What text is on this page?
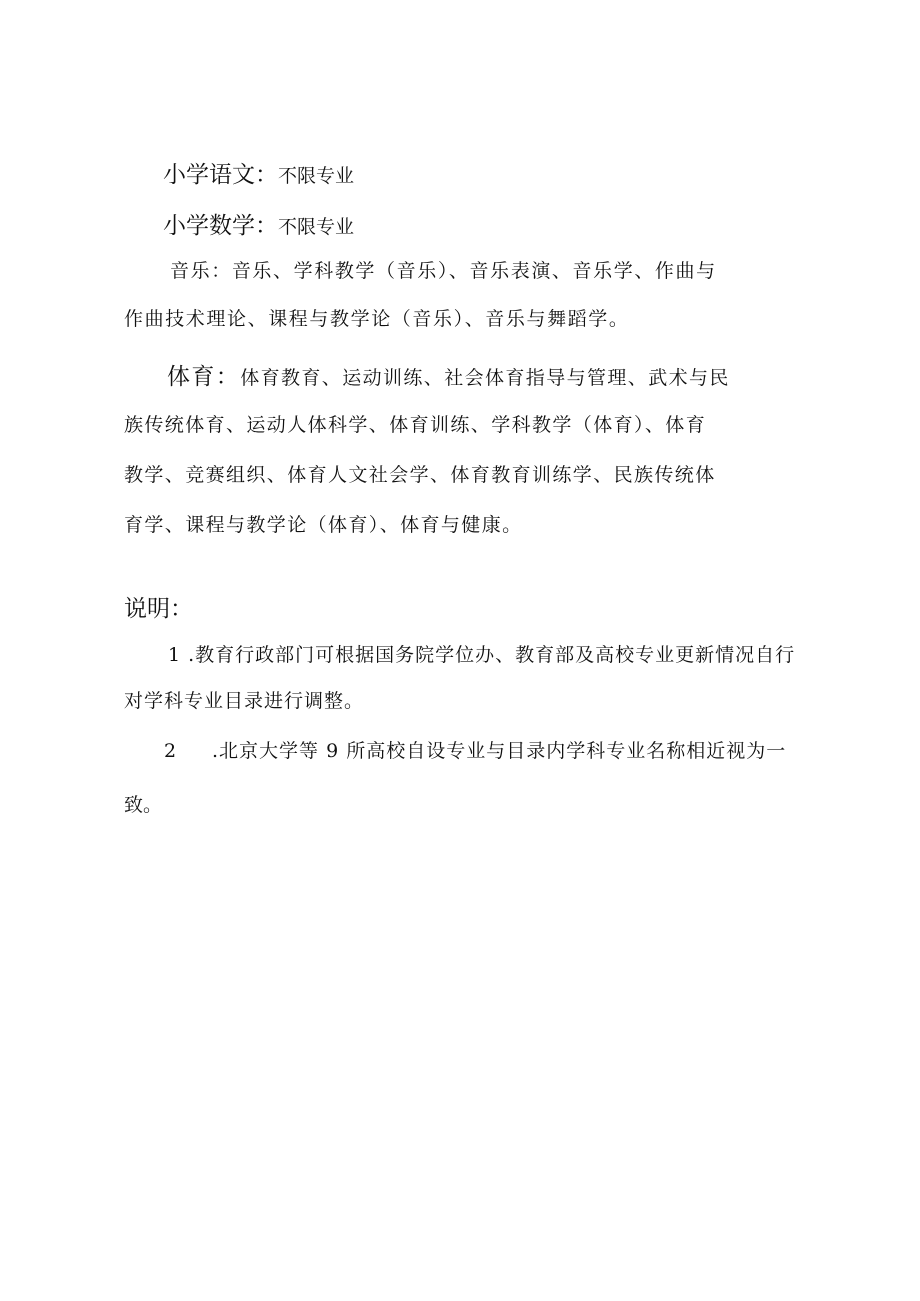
小学语文：不限专业
小学数学：不限专业
音乐：音乐、学科教学（音乐）、音乐表演、音乐学、作曲与
作曲技术理论、课程与教学论（音乐）、音乐与舞蹈学。
体育：体育教育、运动训练、社会体育指导与管理、武术与民
族传统体育、运动人体科学、体育训练、学科教学（体育）、体育
教学、竞赛组织、体育人文社会学、体育教育训练学、民族传统体
育学、课程与教学论（体育）、体育与健康。
说明：
1 .教育行政部门可根据国务院学位办、教育部及高校专业更新情况自行
对学科专业目录进行调整。
2 .北京大学等 9 所高校自设专业与目录内学科专业名称相近视为一
致。
